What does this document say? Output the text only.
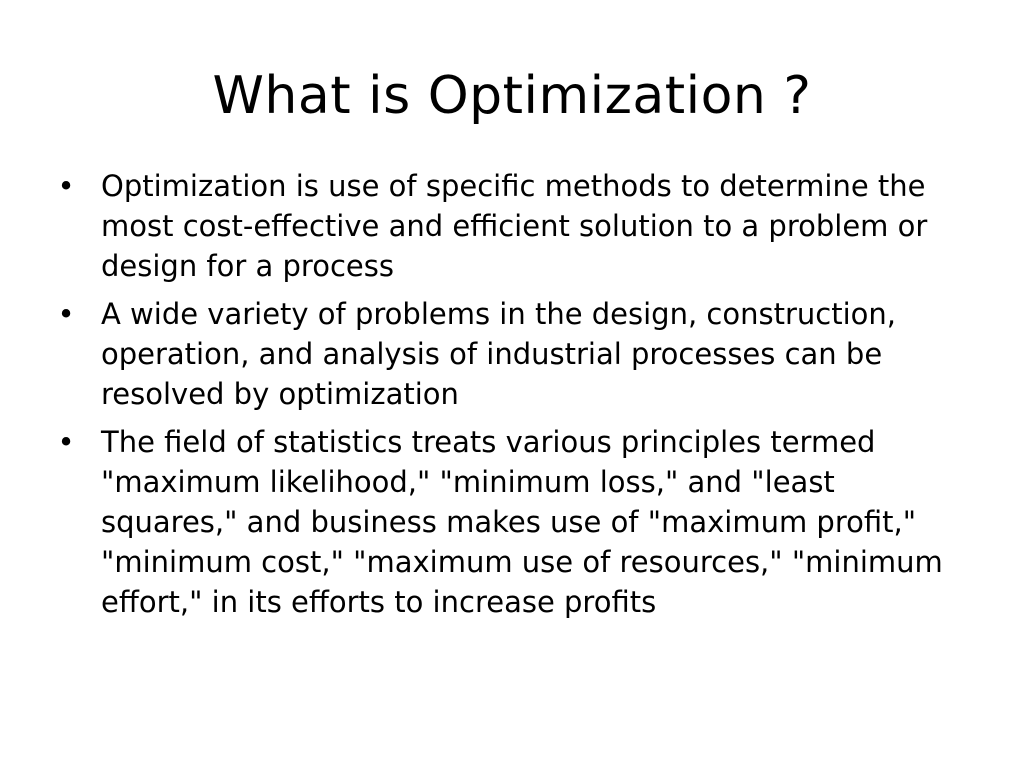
What is Optimization ?
• Optimization is use of specific methods to determine the most cost-effective and efficient solution to a problem or design for a process
• A wide variety of problems in the design, construction, operation, and analysis of industrial processes can be resolved by optimization
• The field of statistics treats various principles termed "maximum likelihood," "minimum loss," and "least squares," and business makes use of "maximum profit," "minimum cost," "maximum use of resources," "minimum effort," in its efforts to increase profits
